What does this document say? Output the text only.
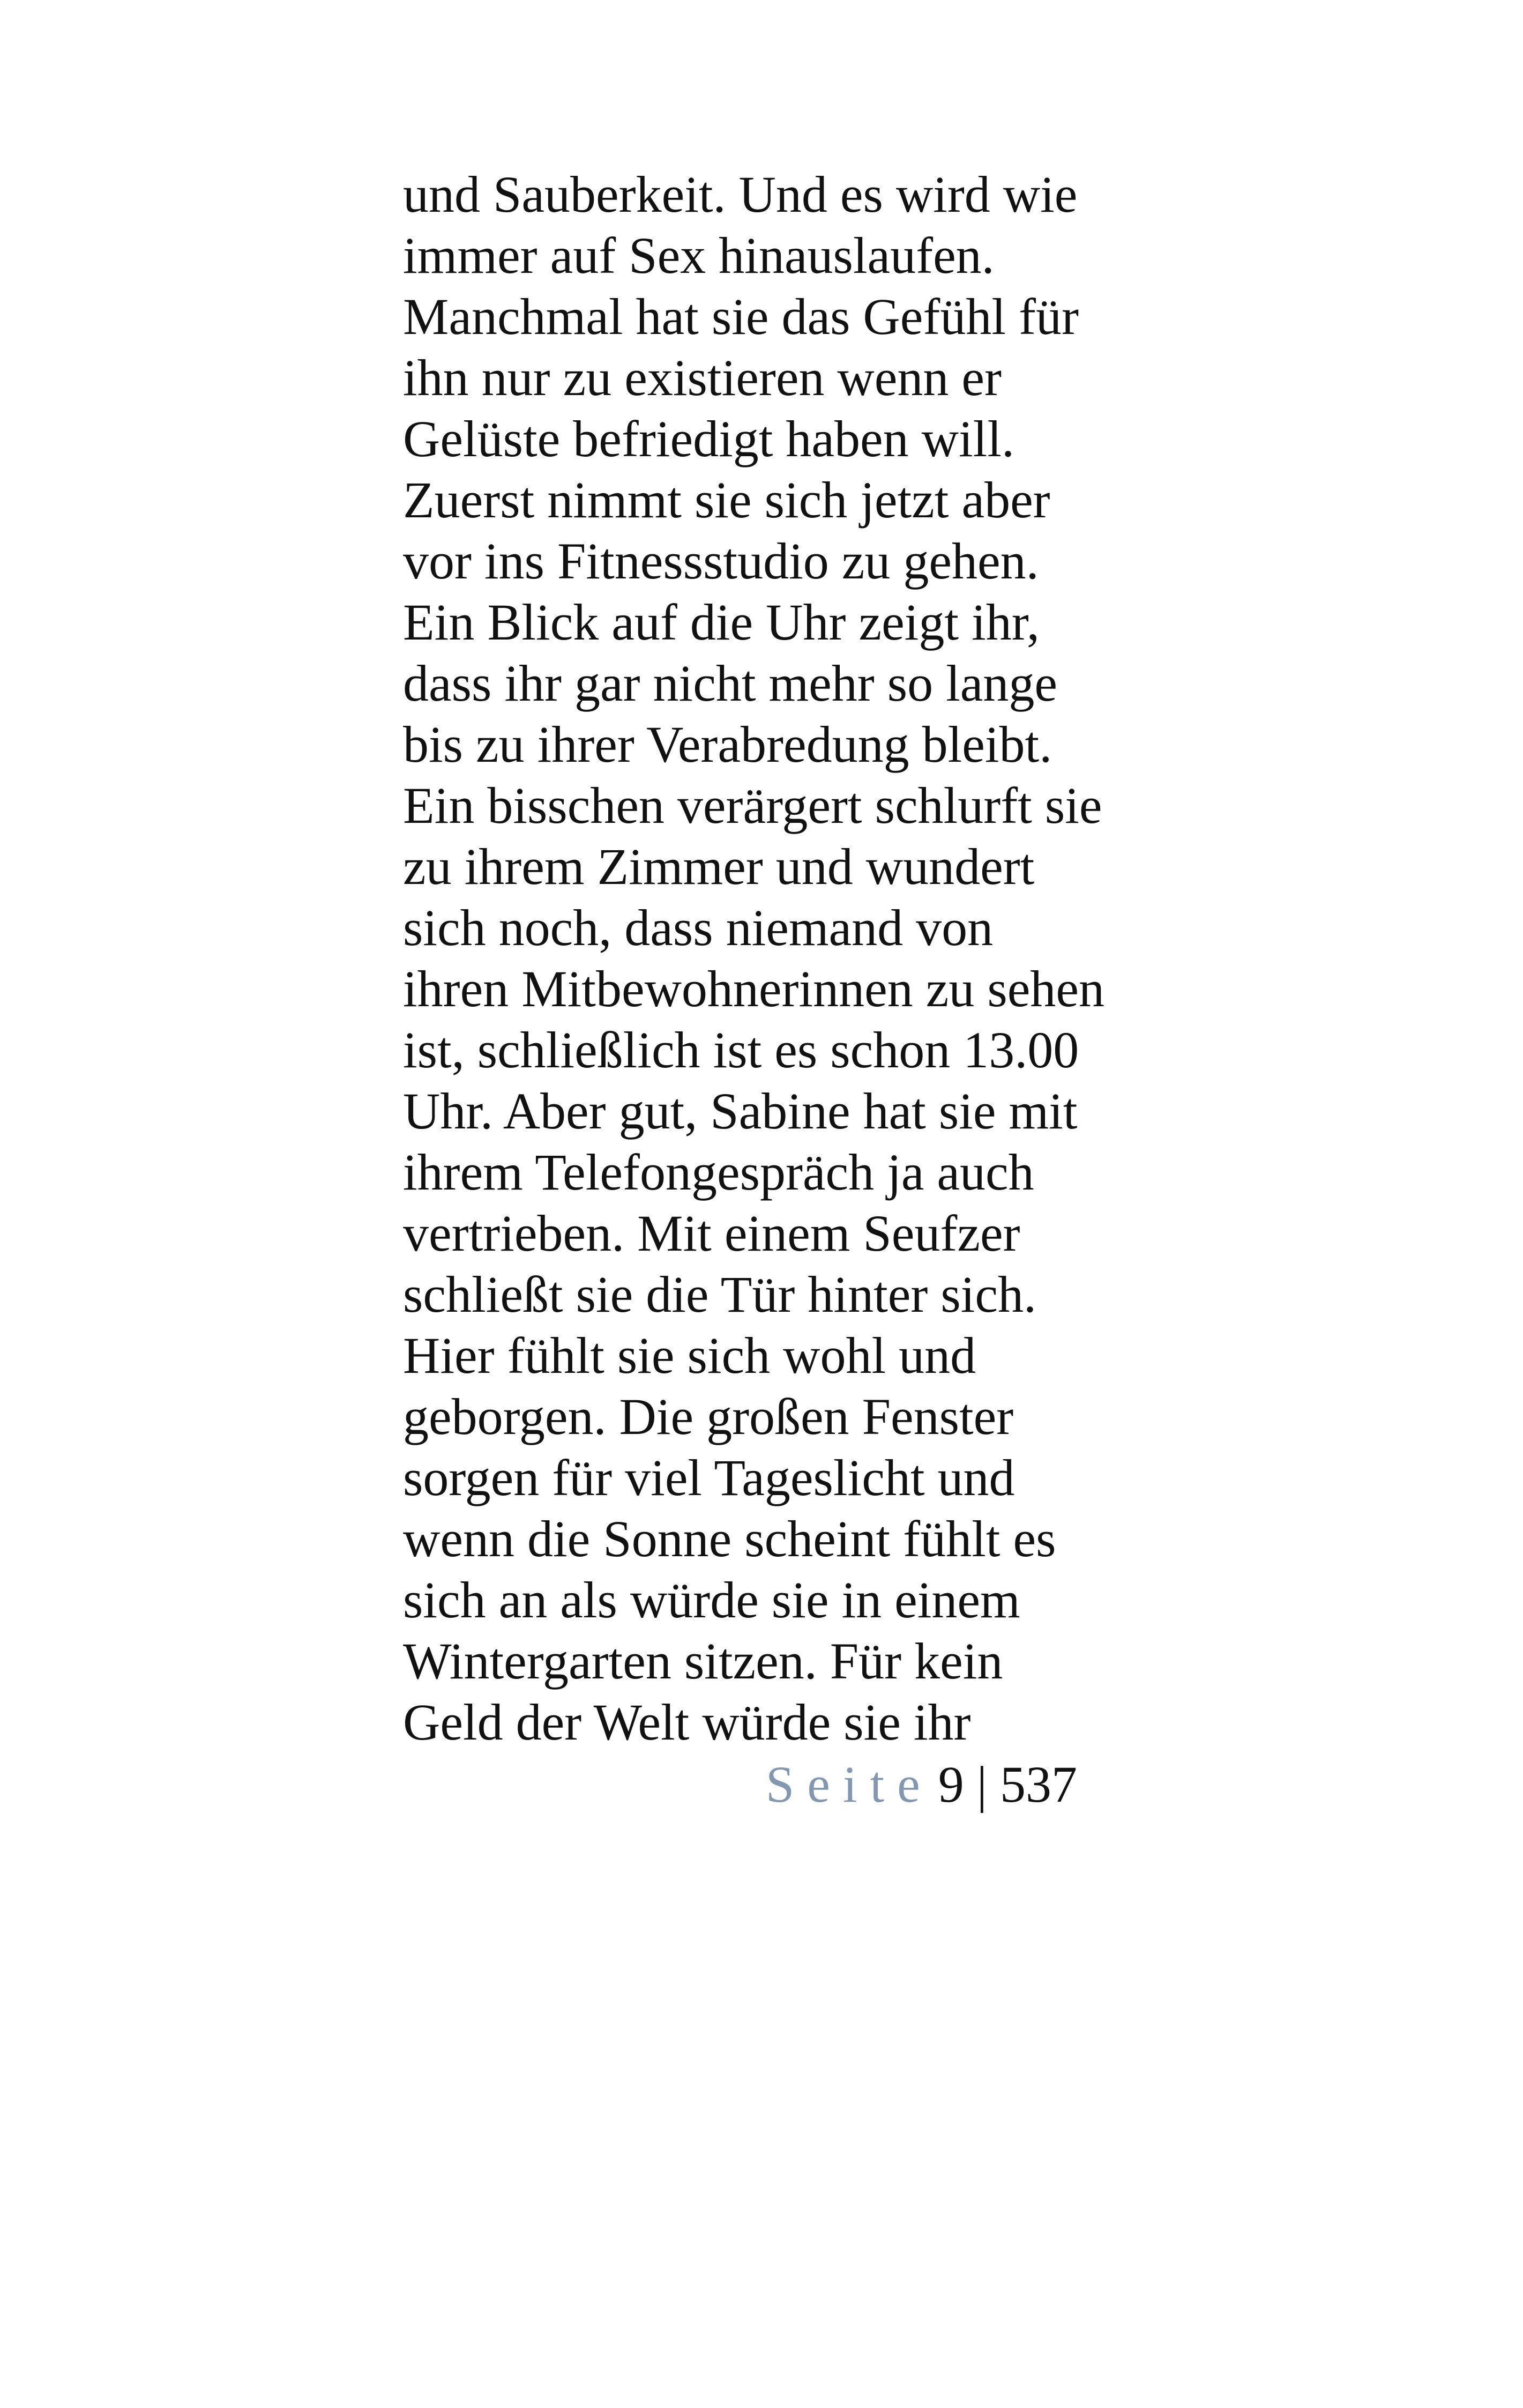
und Sauberkeit. Und es wird wie
immer auf Sex hinauslaufen.
Manchmal hat sie das Gefühl für
ihn nur zu existieren wenn er
Gelüste befriedigt haben will.
Zuerst nimmt sie sich jetzt aber
vor ins Fitnessstudio zu gehen.
Ein Blick auf die Uhr zeigt ihr,
dass ihr gar nicht mehr so lange
bis zu ihrer Verabredung bleibt.
Ein bisschen verärgert schlurft sie
zu ihrem Zimmer und wundert
sich noch, dass niemand von
ihren Mitbewohnerinnen zu sehen
ist, schließlich ist es schon 13.00
Uhr. Aber gut, Sabine hat sie mit
ihrem Telefongespräch ja auch
vertrieben. Mit einem Seufzer
schließt sie die Tür hinter sich.
Hier fühlt sie sich wohl und
geborgen. Die großen Fenster
sorgen für viel Tageslicht und
wenn die Sonne scheint fühlt es
sich an als würde sie in einem
Wintergarten sitzen. Für kein
Geld der Welt würde sie ihr
Seite 9 | 537
